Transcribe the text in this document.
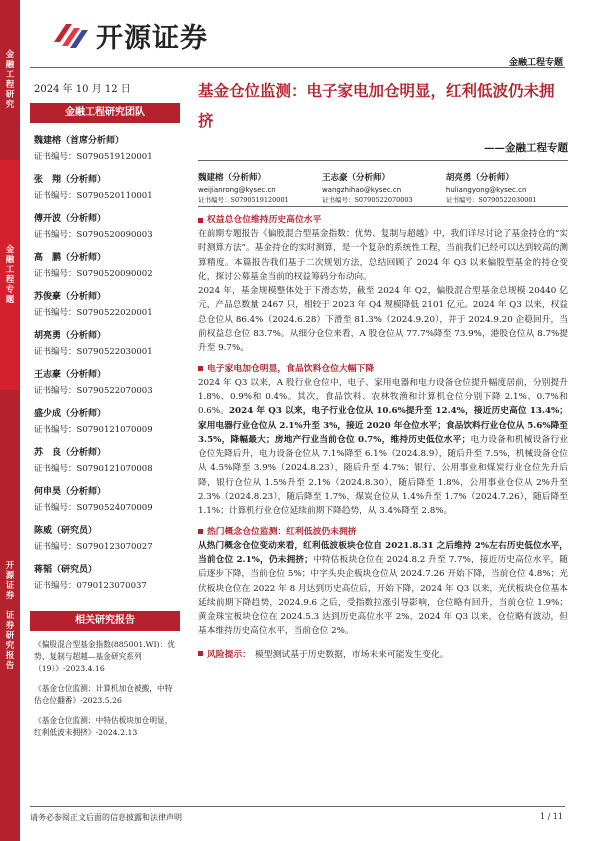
金
融
工
程
研
究
金
融
工
程
专
题
开
源
证
券
证
券
研
究
报
告
开源证券
金融工程专题
2024 年 10 月 12 日
金融工程研究团队
魏建榕（首席分析师）
证书编号：S0790519120001
张　翔（分析师）
证书编号：S0790520110001
傅开波（分析师）
证书编号：S0790520090003
高　鹏（分析师）
证书编号：S0790520090002
苏俊豪（分析师）
证书编号：S0790522020001
胡亮勇（分析师）
证书编号：S0790522030001
王志豪（分析师）
证书编号：S0790522070003
盛少成（分析师）
证书编号：S0790121070009
苏　良（分析师）
证书编号：S0790121070008
何申昊（分析师）
证书编号：S0790524070009
陈威（研究员）
证书编号：S0790123070027
蒋韬（研究员）
证书编号：0790123070037
相关研究报告
《偏股混合型基金指数(885001.WI)：优势、复制与超越—基金研究系列（19）》-2023.4.16
《基金仓位监测：计算机加仓被搬，中特估仓位翻番》-2023.5.26
《基金仓位监测：中特估板块加仓明显，红利低波未拥挤》-2024.2.13
基金仓位监测：电子家电加仓明显，红利低波仍未拥挤
——金融工程专题
魏建榕（分析师）
weijianrong@kysec.cn
证书编号：S0790519120001
王志豪（分析师）
wangzhihao@kysec.cn
证书编号：S0790522070003
胡亮勇（分析师）
huliangyong@kysec.cn
证书编号：S0790522030001
权益总仓位维持历史高位水平

在前期专题报告《偏股混合型基金指数：优势、复制与超越》中，我们详尽讨论了基金持仓的“实时测算方法”。基金持仓的实时测算，是一个复杂的系统性工程，当前我们已经可以达到较高的测算精度。本篇报告我们基于二次规划方法，总结回顾了 2024 年 Q3 以来偏股型基金的持仓变化，探讨公募基金当前的权益筹码分布动向。

2024 年，基金规模整体处于下滑态势，截至 2024 年 Q2，偏股混合型基金总规模 20440 亿元，产品总数量 2467 只，相较于 2023 年 Q4 规模降低 2101 亿元。2024 年 Q3 以来，权益总仓位从 86.4%（2024.6.28）下滑至 81.3%（2024.9.20），并于 2024.9.20 企稳回升，当前权益总仓位 83.7%。从细分仓位来看，A 股仓位从 77.7%降至 73.9%，港股仓位从 8.7%提升至 9.7%。

电子家电加仓明显，食品饮料仓位大幅下降

2024 年 Q3 以来，A 股行业仓位中，电子、家用电器和电力设备仓位提升幅度居前，分别提升 1.8%、0.9%和 0.4%。其次，食品饮料、农林牧渔和计算机仓位分别下降 2.1%、0.7%和 0.6%。2024 年 Q3 以来，电子行业仓位从 10.6%提升至 12.4%，接近历史高位 13.4%；家用电器行业仓位从 2.1%升至 3%，接近 2020 年仓位水平；食品饮料行业仓位从 5.6%降至 3.5%，降幅最大；房地产行业当前仓位 0.7%，维持历史低位水平；电力设备和机械设备行业仓位先降后升，电力设备仓位从 7.1%降至 6.1%（2024.8.9），随后升至 7.5%，机械设备仓位从 4.5%降至 3.9%（2024.8.23），随后升至 4.7%；银行、公用事业和煤炭行业仓位先升后降，银行仓位从 1.5%升至 2.1%（2024.8.30），随后降至 1.8%，公用事业仓位从 2%升至 2.3%（2024.8.23），随后降至 1.7%，煤炭仓位从 1.4%升至 1.7%（2024.7.26），随后降至 1.1%；计算机行业仓位延续前期下降趋势，从 3.4%降至 2.8%。

热门概念仓位监测：红利低波仍未拥挤

从热门概念仓位变动来看，红利低波板块仓位自 2021.8.31 之后维持 2%左右历史低位水平，当前仓位 2.1%，仍未拥挤；中特估板块仓位在 2024.8.2 升至 7.7%，接近历史高位水平，随后逐步下降，当前仓位 5%；中字头央企板块仓位从 2024.7.26 开始下降，当前仓位 4.8%；光伏板块仓位在 2022 年 8 月达到历史高位后，开始下降，2024 年 Q3 以来，光伏板块仓位基本延续前期下降趋势，2024.9.6 之后，受指数拉涨引导影响，仓位略有回升，当前仓位 1.9%；黄金珠宝板块仓位在 2024.5.3 达到历史高位水平 2%，2024 年 Q3 以来，仓位略有波动，但基本维持历史高位水平，当前仓位 2%。

风险提示： 模型测试基于历史数据，市场未来可能发生变化。
请务必参阅正文后面的信息披露和法律声明	1 / 11
